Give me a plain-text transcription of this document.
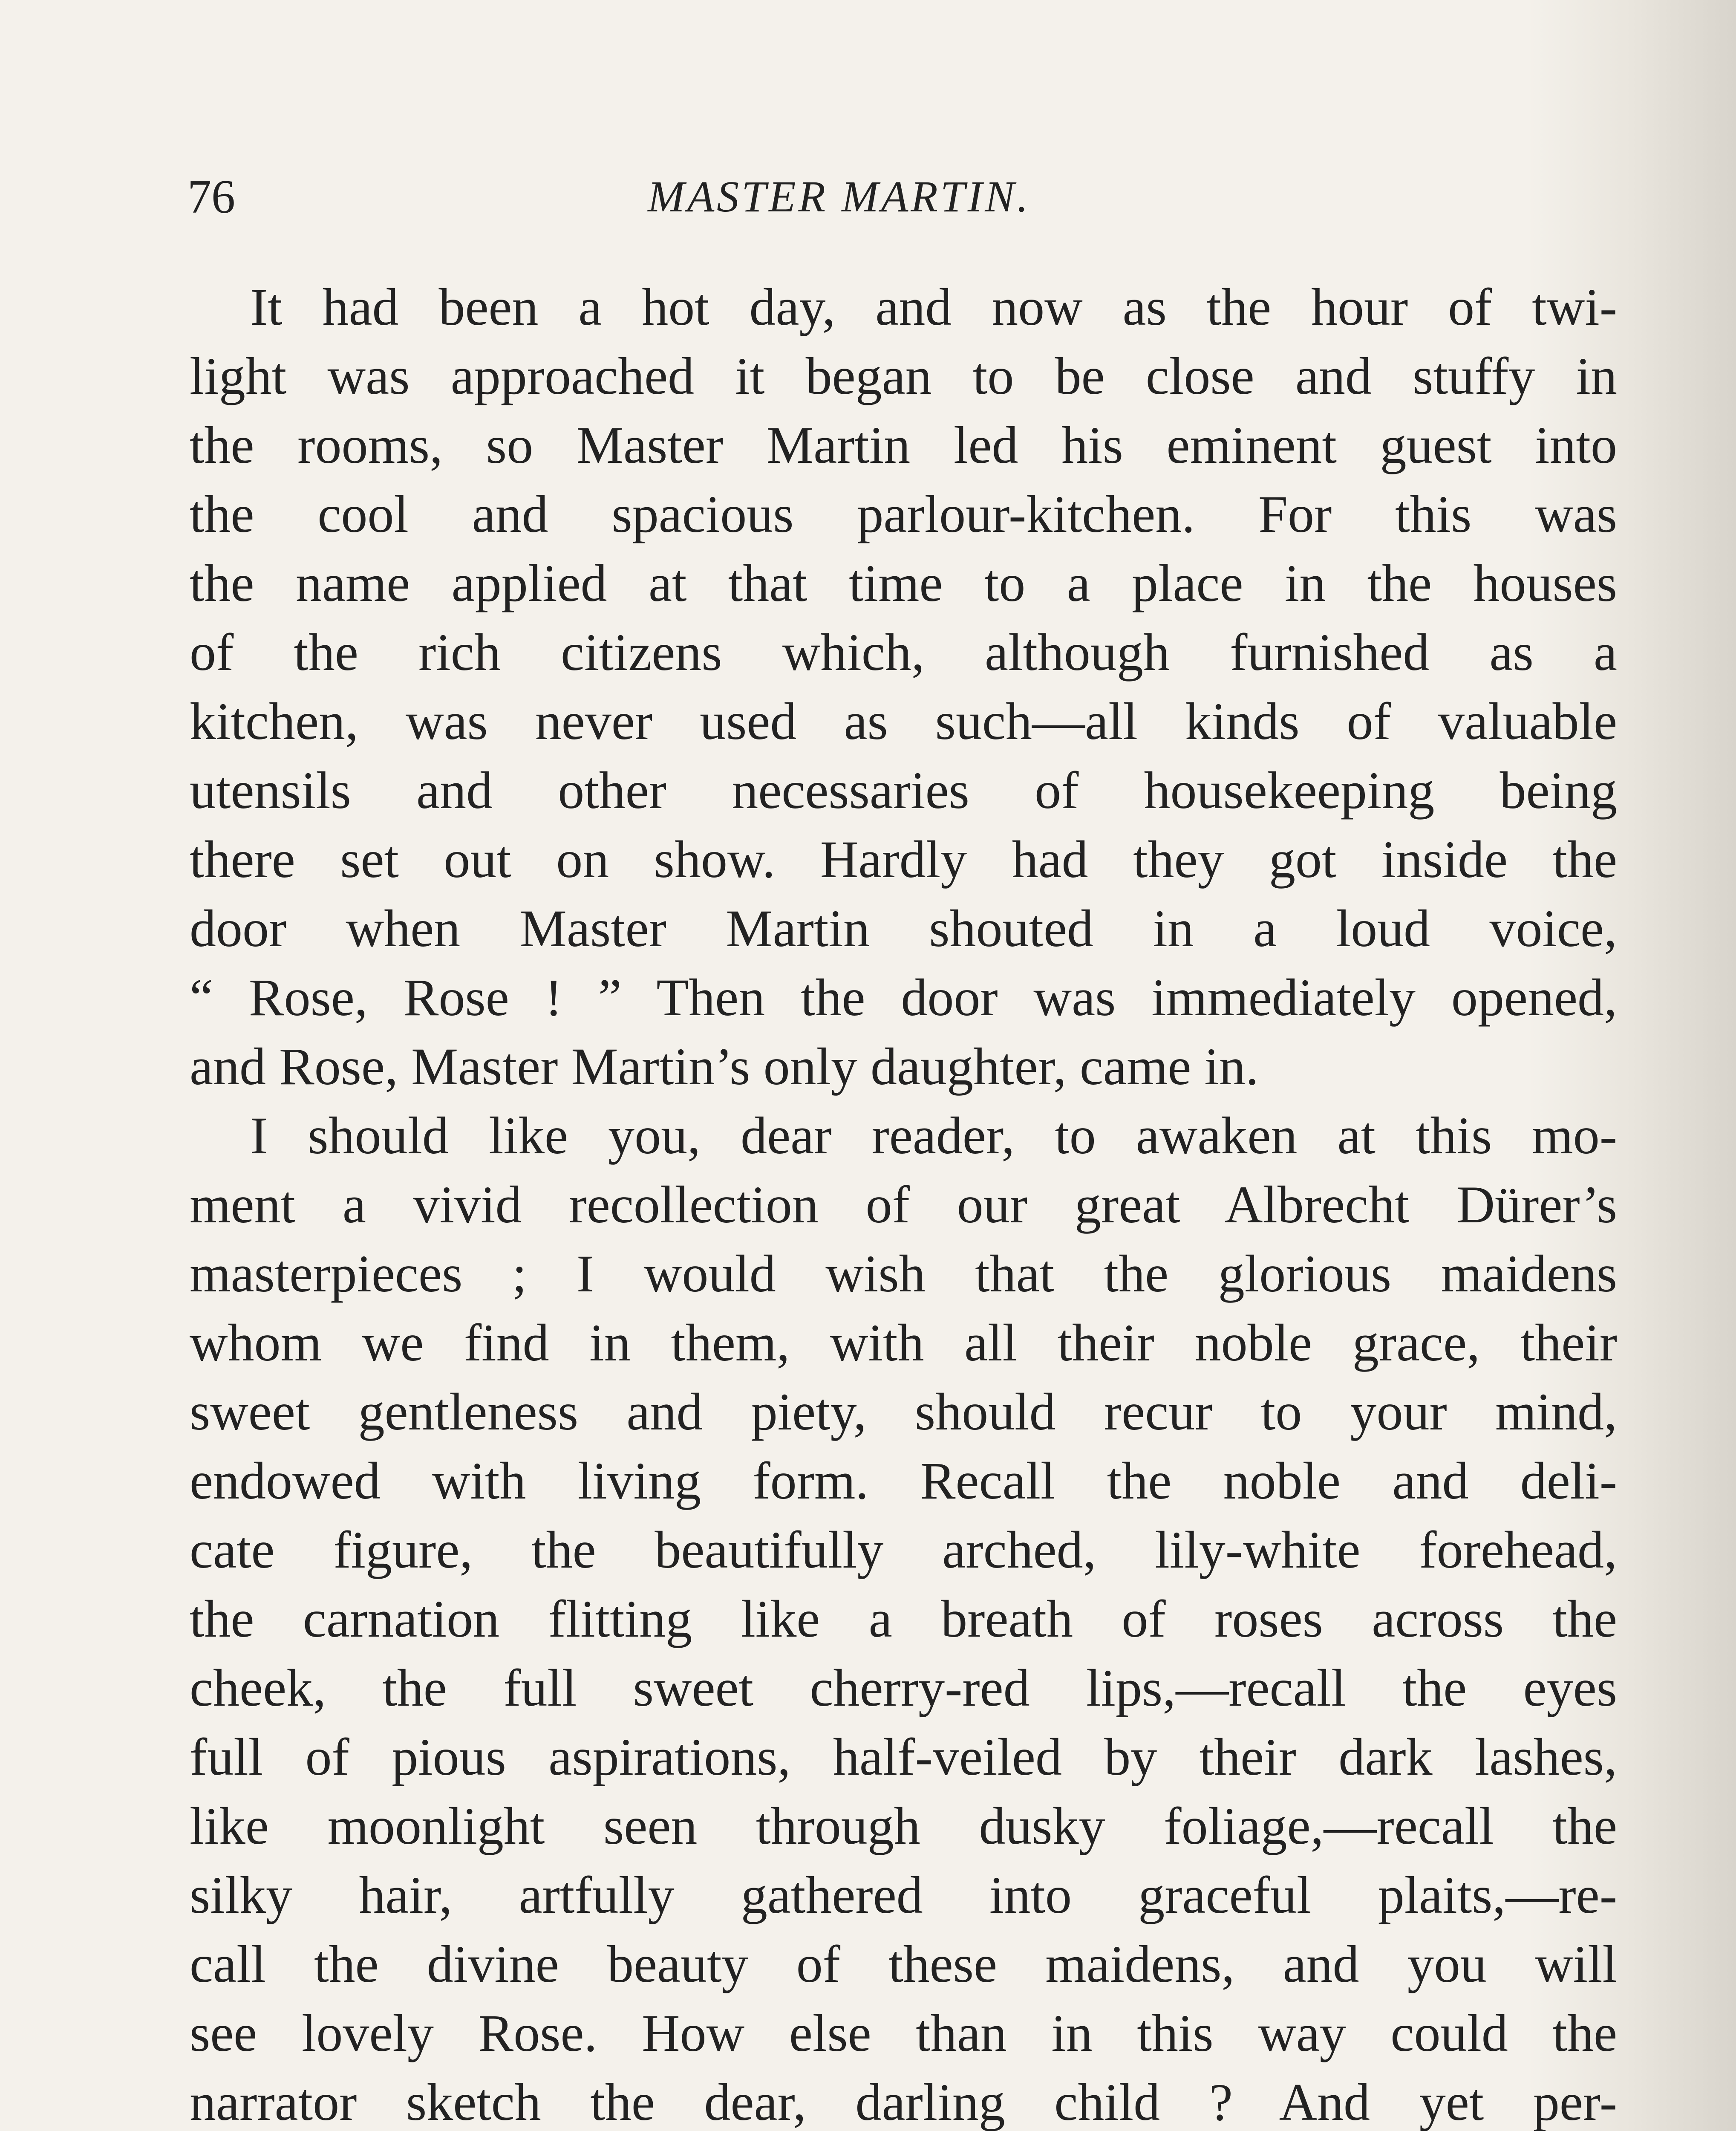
76	MASTER MARTIN.
It had been a hot day, and now as the hour of twi-
light was approached it began to be close and stuffy in
the rooms, so Master Martin led his eminent guest into
the cool and spacious parlour-kitchen. For this was
the name applied at that time to a place in the houses
of the rich citizens which, although furnished as a
kitchen, was never used as such—all kinds of valuable
utensils and other necessaries of housekeeping being
there set out on show. Hardly had they got inside the
door when Master Martin shouted in a loud voice,
“ Rose, Rose ! ” Then the door was immediately opened,
and Rose, Master Martin’s only daughter, came in.
I should like you, dear reader, to awaken at this mo-
ment a vivid recollection of our great Albrecht Dürer’s
masterpieces ; I would wish that the glorious maidens
whom we find in them, with all their noble grace, their
sweet gentleness and piety, should recur to your mind,
endowed with living form. Recall the noble and deli-
cate figure, the beautifully arched, lily-white forehead,
the carnation flitting like a breath of roses across the
cheek, the full sweet cherry-red lips,—recall the eyes
full of pious aspirations, half-veiled by their dark lashes,
like moonlight seen through dusky foliage,—recall the
silky hair, artfully gathered into graceful plaits,—re-
call the divine beauty of these maidens, and you will
see lovely Rose. How else than in this way could the
narrator sketch the dear, darling child ? And yet per-
